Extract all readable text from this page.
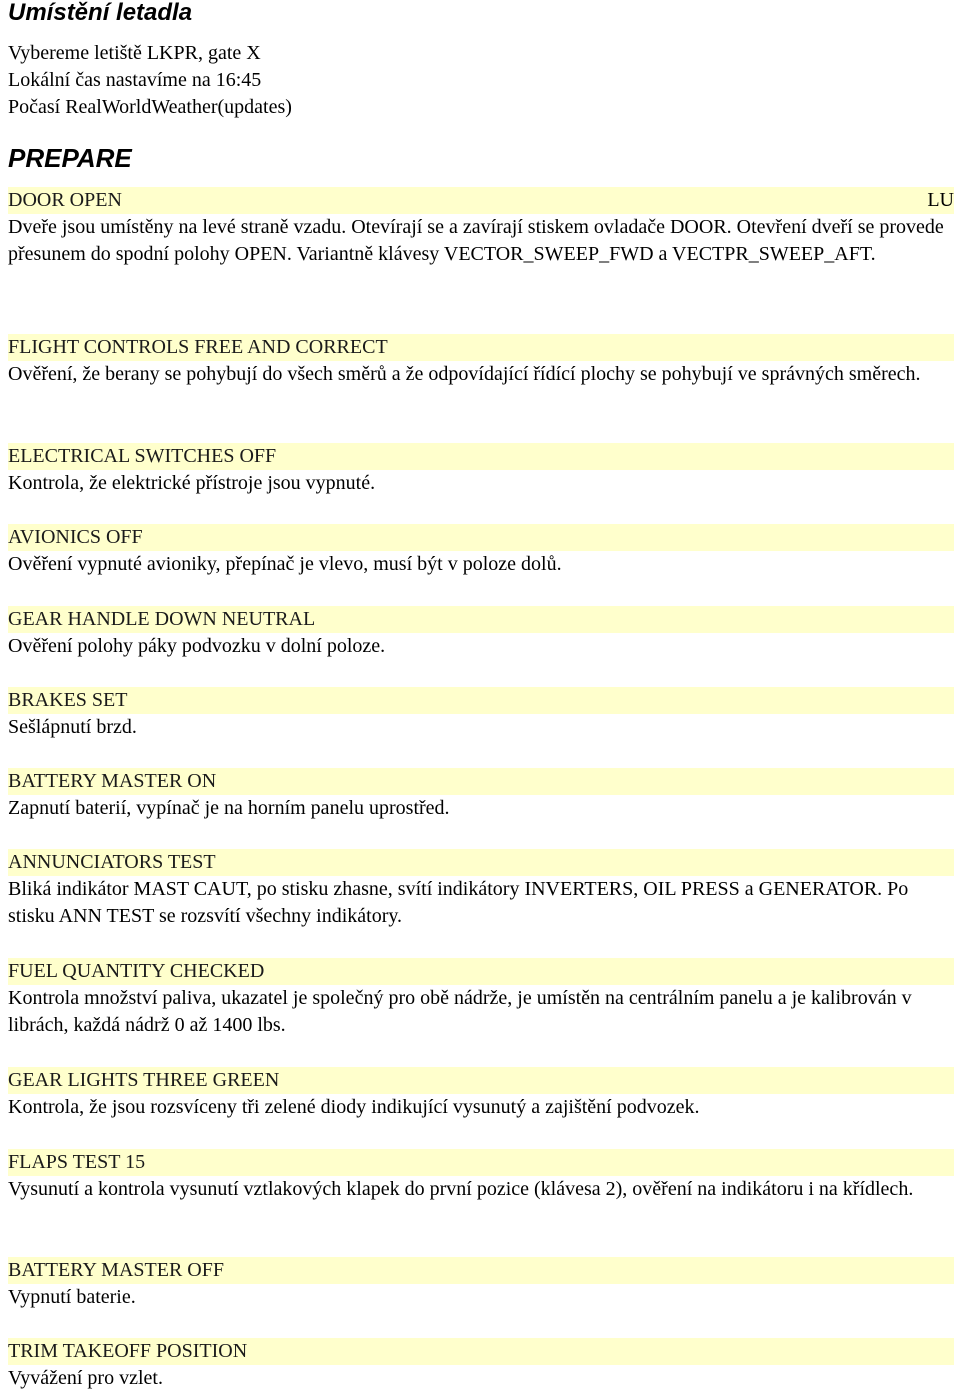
Umístění letadla
Vybereme letiště LKPR, gate X
Lokální čas nastavíme na 16:45
Počasí RealWorldWeather(updates)
PREPARE
DOOR OPEN	LU
Dveře jsou umístěny na levé straně vzadu. Otevírají se a zavírají stiskem ovladače DOOR. Otevření dveří se provede přesunem do spodní polohy OPEN. Variantně klávesy VECTOR_SWEEP_FWD a VECTPR_SWEEP_AFT.
FLIGHT CONTROLS FREE AND CORRECT
Ověření, že berany se pohybují do všech směrů a že odpovídající řídící plochy se pohybují ve správných směrech.
ELECTRICAL SWITCHES OFF
Kontrola, že elektrické přístroje jsou vypnuté.
AVIONICS OFF
Ověření vypnuté avioniky, přepínač je vlevo, musí být v poloze dolů.
GEAR HANDLE DOWN NEUTRAL
Ověření polohy páky podvozku v dolní poloze.
BRAKES SET
Sešlápnutí brzd.
BATTERY MASTER ON
Zapnutí baterií, vypínač je na horním panelu uprostřed.
ANNUNCIATORS TEST
Bliká indikátor MAST CAUT, po stisku zhasne, svítí indikátory INVERTERS, OIL PRESS a GENERATOR. Po stisku ANN TEST se rozsvítí všechny indikátory.
FUEL QUANTITY CHECKED
Kontrola množství paliva, ukazatel je společný pro obě nádrže, je umístěn na centrálním panelu a je kalibrován v librách, každá nádrž 0 až 1400 lbs.
GEAR LIGHTS THREE GREEN
Kontrola, že jsou rozsvíceny tři zelené diody indikující vysunutý a zajištění podvozek.
FLAPS TEST 15
Vysunutí a kontrola vysunutí vztlakových klapek do první pozice (klávesa 2), ověření na indikátoru i na křídlech.
BATTERY MASTER OFF
Vypnutí baterie.
TRIM TAKEOFF POSITION
Vyvážení pro vzlet.
